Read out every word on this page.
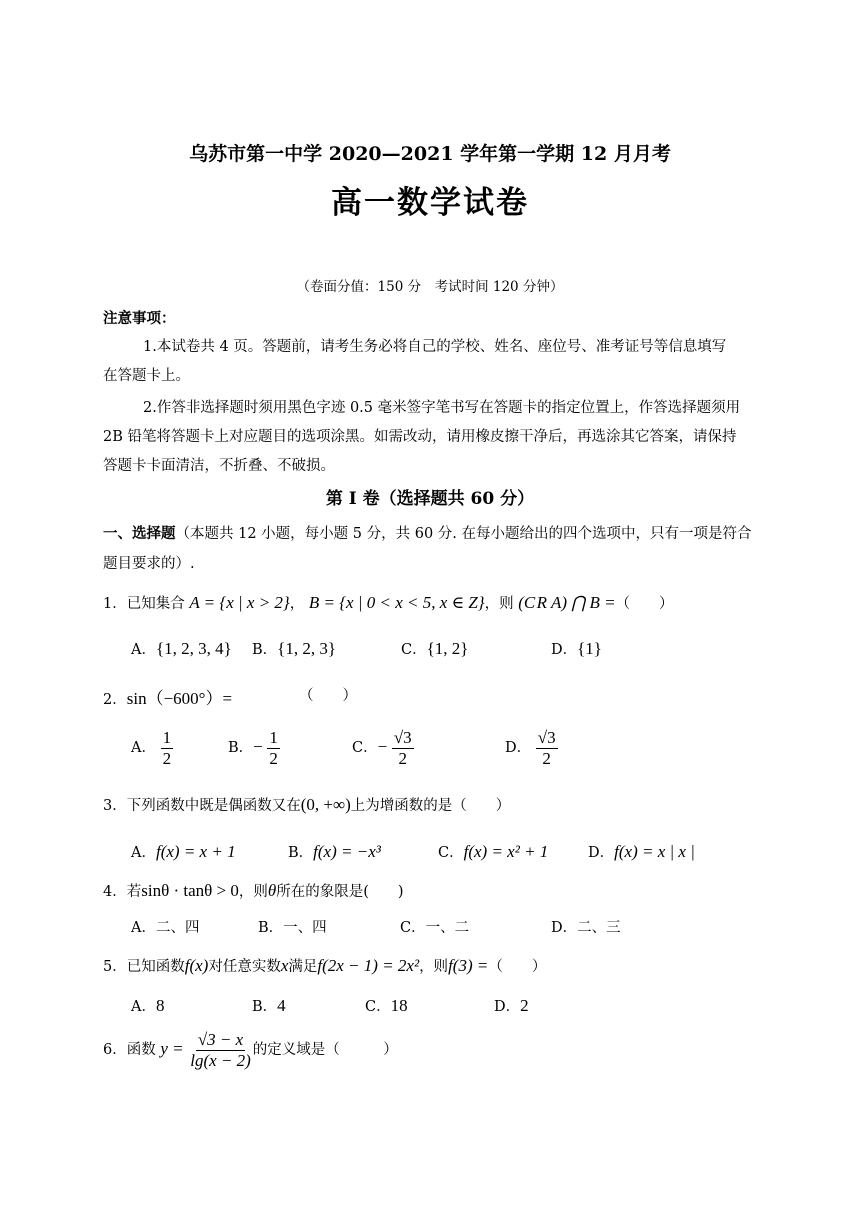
乌苏市第一中学 2020—2021 学年第一学期 12 月月考
高一数学试卷
（卷面分值：150 分　考试时间 120 分钟）
注意事项：
1.本试卷共 4 页。答题前，请考生务必将自己的学校、姓名、座位号、准考证号等信息填写
在答题卡上。
2.作答非选择题时须用黑色字迹 0.5 毫米签字笔书写在答题卡的指定位置上，作答选择题须用
2B 铅笔将答题卡上对应题目的选项涂黑。如需改动，请用橡皮擦干净后，再选涂其它答案，请保持
答题卡卡面清洁，不折叠、不破损。
第 I 卷（选择题共 60 分）
一、选择题（本题共 12 小题，每小题 5 分，共 60 分. 在每小题给出的四个选项中，只有一项是符合
题目要求的）.
1．已知集合 A = {x | x > 2}， B = {x | 0 < x < 5, x ∈ Z}，则 (C R A) ⋂ B =（　　）
A．{1, 2, 3, 4} B．{1, 2, 3}	C．{1, 2}	D．{1}
2．sin（−600°）=	（　　）
A． $\frac{1}{2}$	B．− $\frac{1}{2}$	C．− $\frac{√3}{2}$	D． $\frac{√3}{2}$
3．下列函数中既是偶函数又在(0, +∞)上为增函数的是（　　）
A．f(x) = x + 1	B．f(x) = −x³	C．f(x) = x² + 1	D．f(x) = x | x |
4．若sinθ · tanθ > 0，则θ所在的象限是(　　)
A．二、四	B．一、四	C．一、二	D．二、三
5．已知函数f(x)对任意实数x满足f(2x − 1) = 2x²，则f(3) =（　　）
A．8	B．4	C．18	D．2
6．函数 $y = \frac{√3 - x}{\lg(x - 2)}$ 的定义域是（　　　）
